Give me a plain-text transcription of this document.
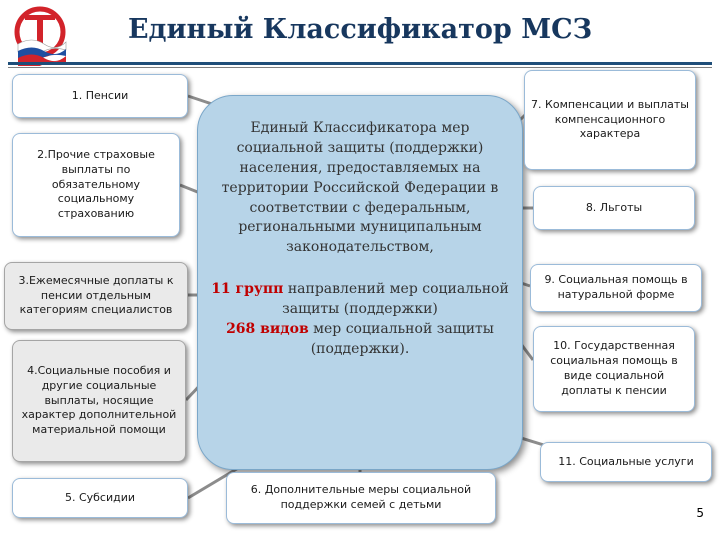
Единый Классификатор МСЗ
1. Пенсии
2.Прочие страховые выплаты по обязательному социальному страхованию
3.Ежемесячные доплаты к пенсии отдельным категориям специалистов
4.Социальные пособия и другие социальные выплаты, носящие характер дополнительной материальной помощи
5. Субсидии
Единый Классификатора мер социальной защиты (поддержки) населения, предоставляемых на территории Российской Федерации в соответствии с федеральным, региональными муниципальным законодательством,
11 групп направлений мер социальной защиты (поддержки)
268 видов мер социальной защиты (поддержки).
6. Дополнительные меры социальной поддержки семей с детьми
7. Компенсации и выплаты компенсационного характера
8. Льготы
9. Социальная помощь в натуральной форме
10. Государственная социальная помощь в виде социальной доплаты к пенсии
11. Социальные услуги
5
